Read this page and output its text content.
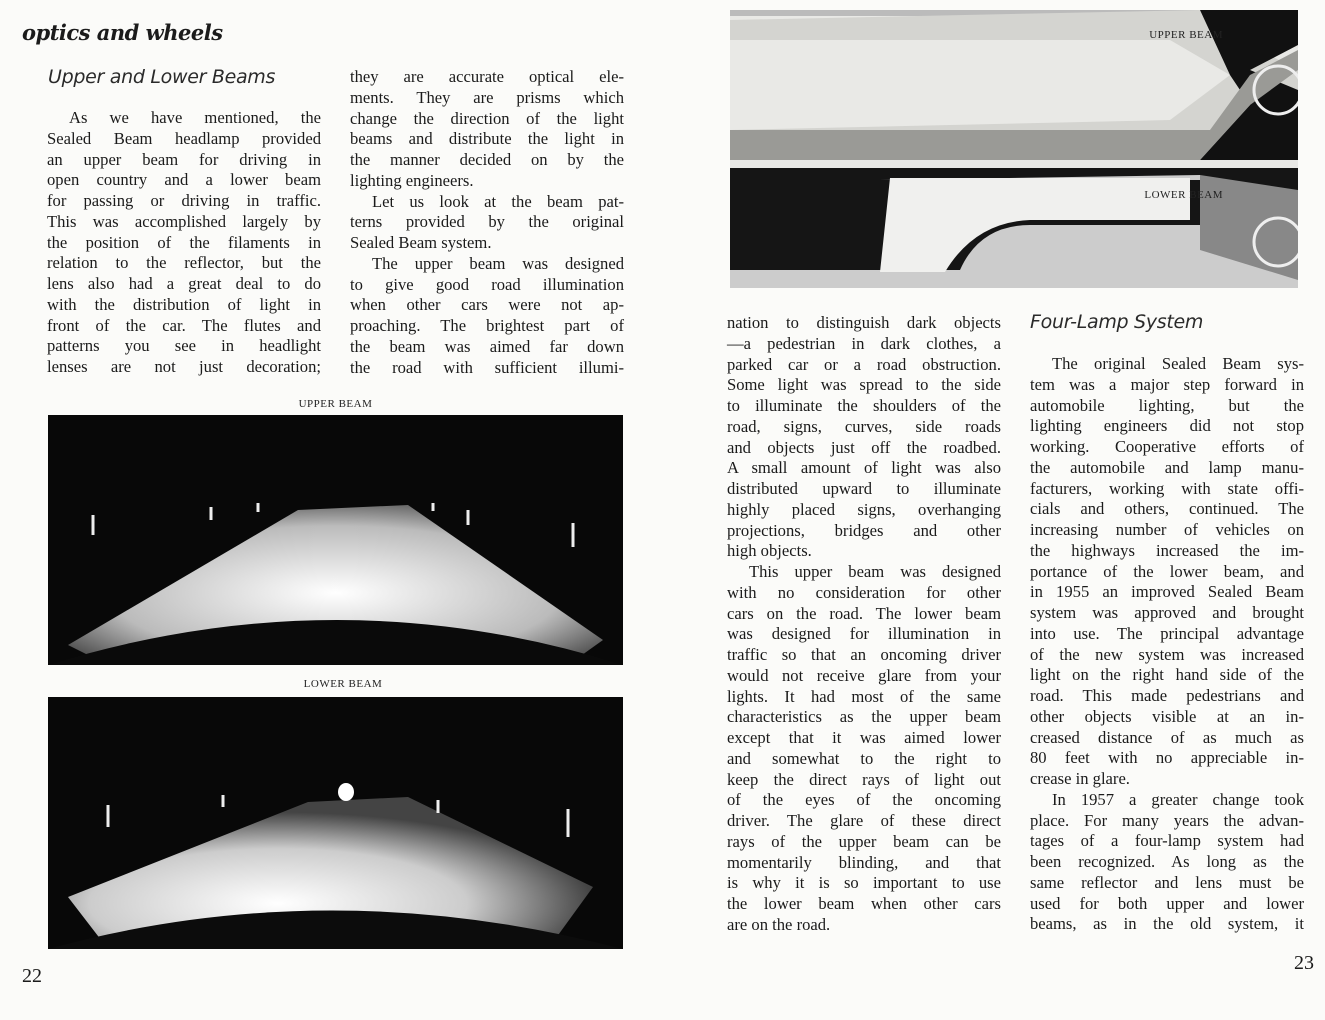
optics and wheels
Upper and Lower Beams
As we have mentioned, the
Sealed Beam headlamp provided
an upper beam for driving in
open country and a lower beam
for passing or driving in traffic.
This was accomplished largely by
the position of the filaments in
relation to the reflector, but the
lens also had a great deal to do
with the distribution of light in
front of the car. The flutes and
patterns you see in headlight
lenses are not just decoration;
they are accurate optical ele-
ments. They are prisms which
change the direction of the light
beams and distribute the light in
the manner decided on by the
lighting engineers.
Let us look at the beam pat-
terns provided by the original
Sealed Beam system.
The upper beam was designed
to give good road illumination
when other cars were not ap-
proaching. The brightest part of
the beam was aimed far down
the road with sufficient illumi-
UPPER BEAM
LOWER BEAM
22
UPPER BEAM
LOWER BEAM
nation to distinguish dark objects
—a pedestrian in dark clothes, a
parked car or a road obstruction.
Some light was spread to the side
to illuminate the shoulders of the
road, signs, curves, side roads
and objects just off the roadbed.
A small amount of light was also
distributed upward to illuminate
highly placed signs, overhanging
projections, bridges and other
high objects.
This upper beam was designed
with no consideration for other
cars on the road. The lower beam
was designed for illumination in
traffic so that an oncoming driver
would not receive glare from your
lights. It had most of the same
characteristics as the upper beam
except that it was aimed lower
and somewhat to the right to
keep the direct rays of light out
of the eyes of the oncoming
driver. The glare of these direct
rays of the upper beam can be
momentarily blinding, and that
is why it is so important to use
the lower beam when other cars
are on the road.
Four-Lamp System
The original Sealed Beam sys-
tem was a major step forward in
automobile lighting, but the
lighting engineers did not stop
working. Cooperative efforts of
the automobile and lamp manu-
facturers, working with state offi-
cials and others, continued. The
increasing number of vehicles on
the highways increased the im-
portance of the lower beam, and
in 1955 an improved Sealed Beam
system was approved and brought
into use. The principal advantage
of the new system was increased
light on the right hand side of the
road. This made pedestrians and
other objects visible at an in-
creased distance of as much as
80 feet with no appreciable in-
crease in glare.
In 1957 a greater change took
place. For many years the advan-
tages of a four-lamp system had
been recognized. As long as the
same reflector and lens must be
used for both upper and lower
beams, as in the old system, it
23
